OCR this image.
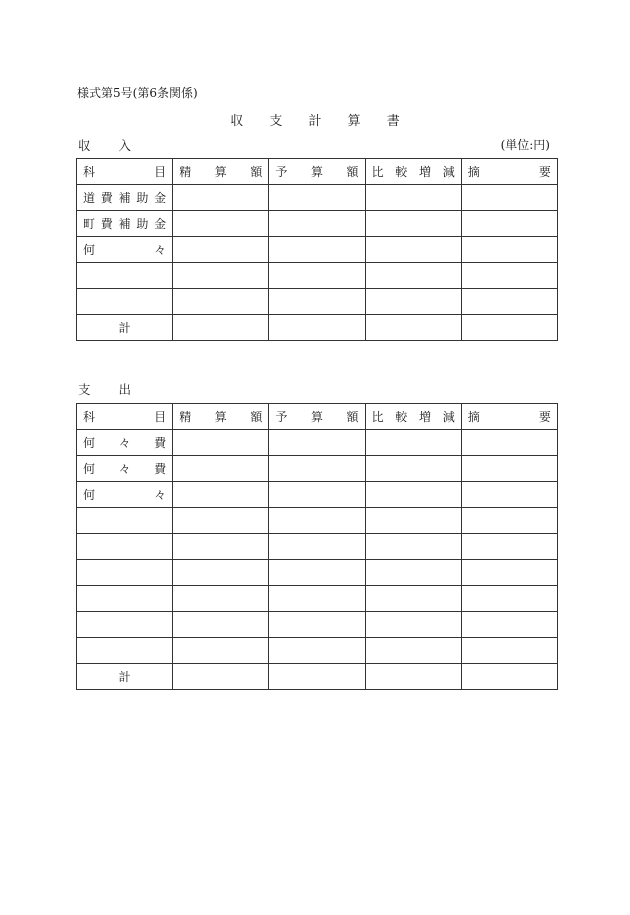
様式第5号(第6条関係)
収 支 計 算 書
収 入	(単位:円)
科 目	精 算 額	予 算 額	比 較 増 減	摘 要

道 費 補 助 金				

町 費 補 助 金				

何 々				

計				

支 出
科 目	精 算 額	予 算 額	比 較 増 減	摘 要

何 々 費				

何 々 費				

何 々				

計				
